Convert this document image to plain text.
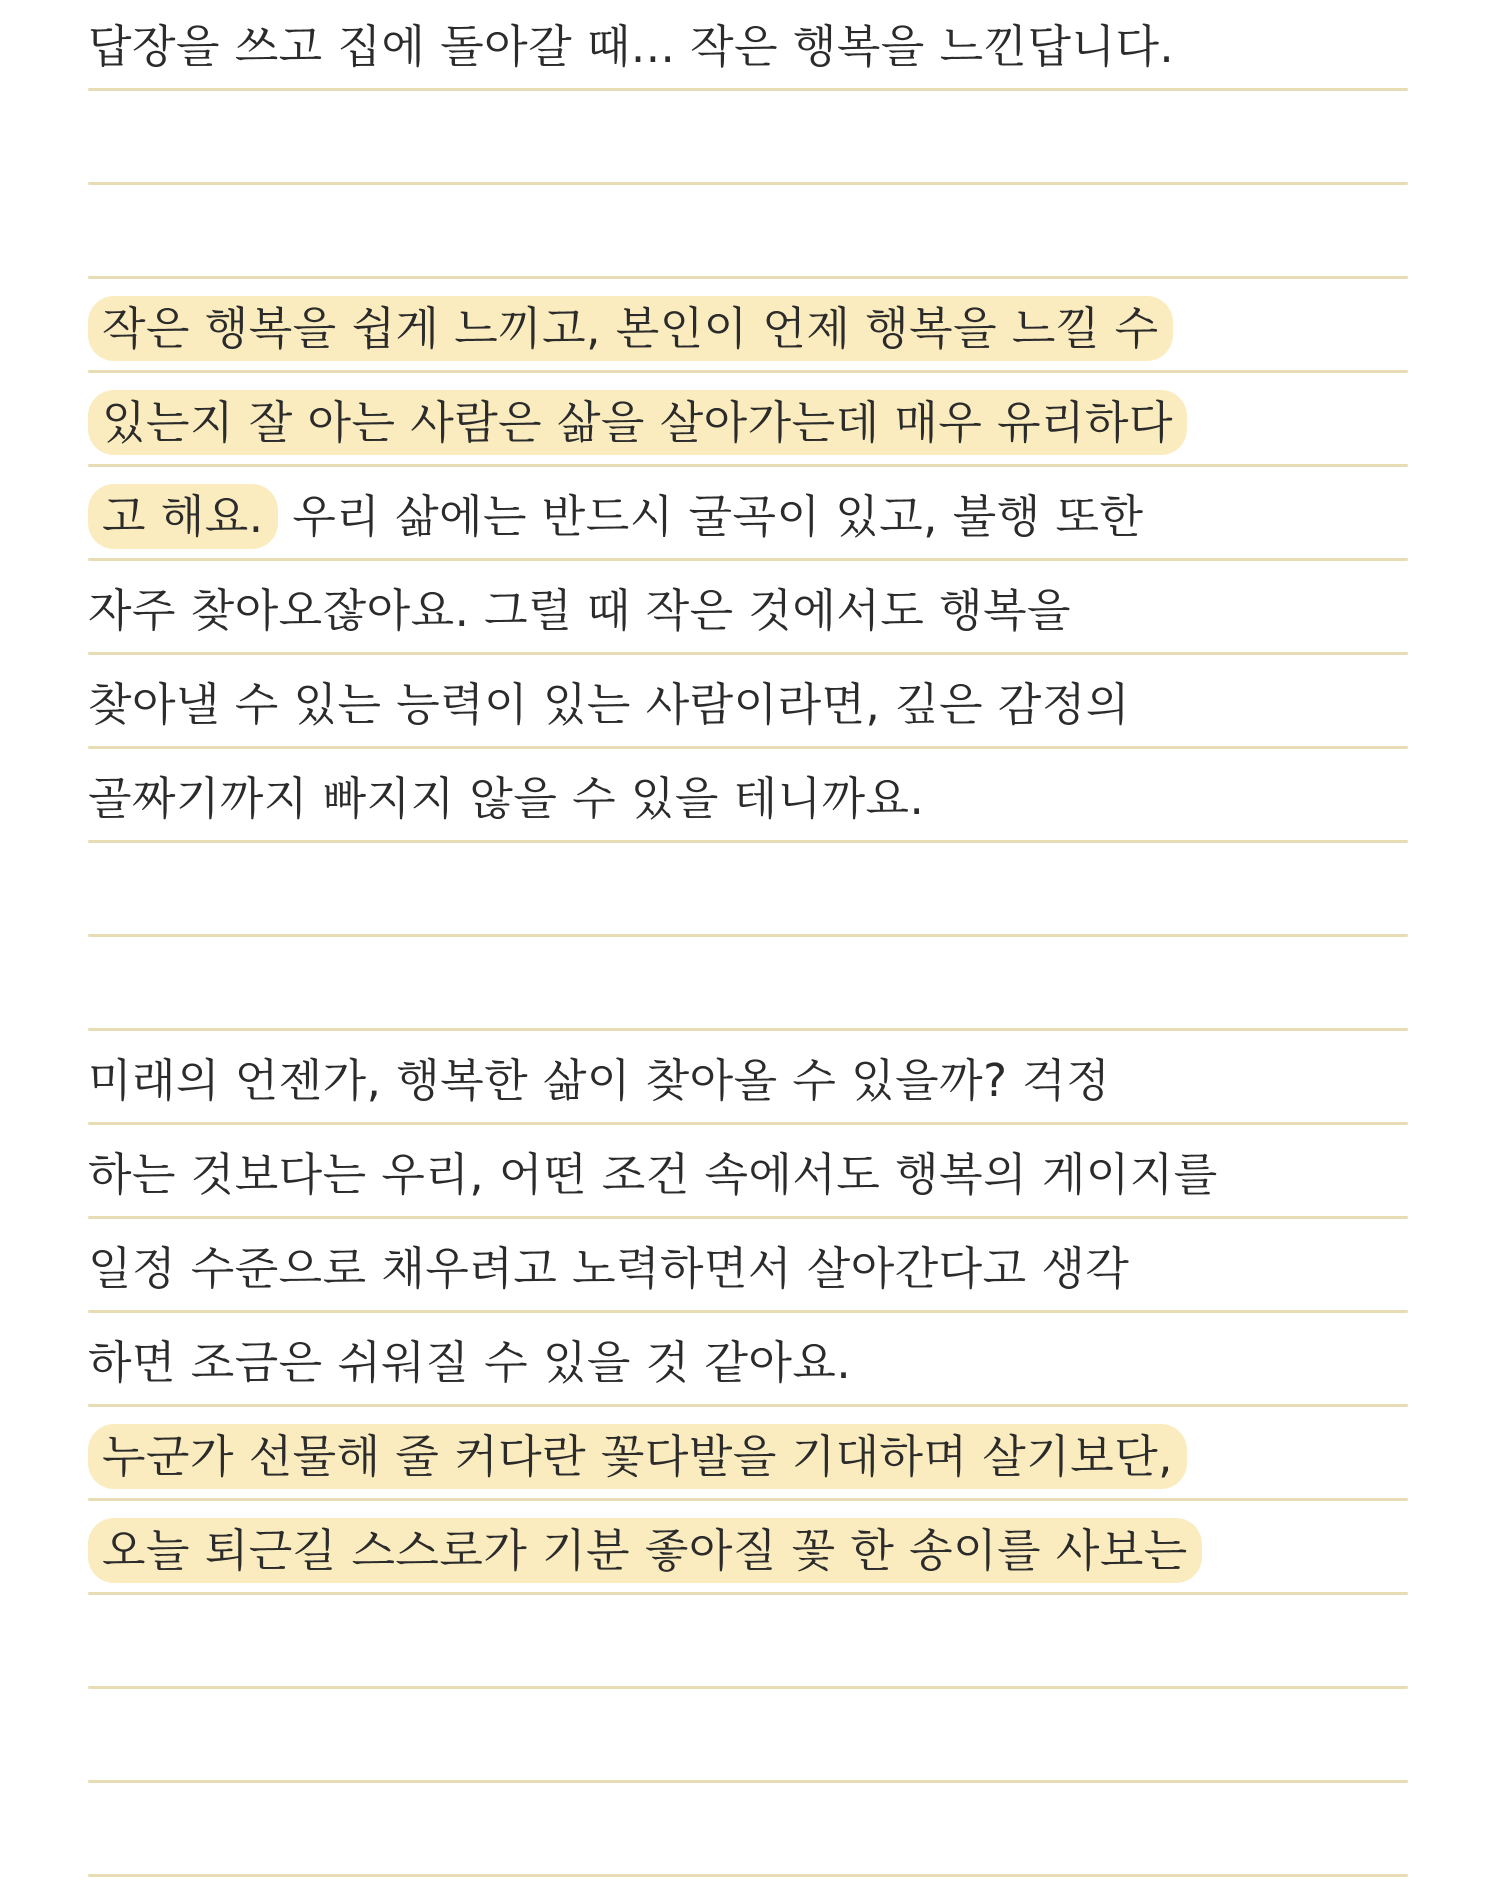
답장을 쓰고 집에 돌아갈 때... 작은 행복을 느낀답니다.

작은 행복을 쉽게 느끼고, 본인이 언제 행복을 느낄 수
있는지 잘 아는 사람은 삶을 살아가는데 매우 유리하다
고 해요. 우리 삶에는 반드시 굴곡이 있고, 불행 또한
자주 찾아오잖아요. 그럴 때 작은 것에서도 행복을
찾아낼 수 있는 능력이 있는 사람이라면, 깊은 감정의
골짜기까지 빠지지 않을 수 있을 테니까요.

미래의 언젠가, 행복한 삶이 찾아올 수 있을까? 걱정
하는 것보다는 우리, 어떤 조건 속에서도 행복의 게이지를
일정 수준으로 채우려고 노력하면서 살아간다고 생각
하면 조금은 쉬워질 수 있을 것 같아요.
누군가 선물해 줄 커다란 꽃다발을 기대하며 살기보단,
오늘 퇴근길 스스로가 기분 좋아질 꽃 한 송이를 사보는
